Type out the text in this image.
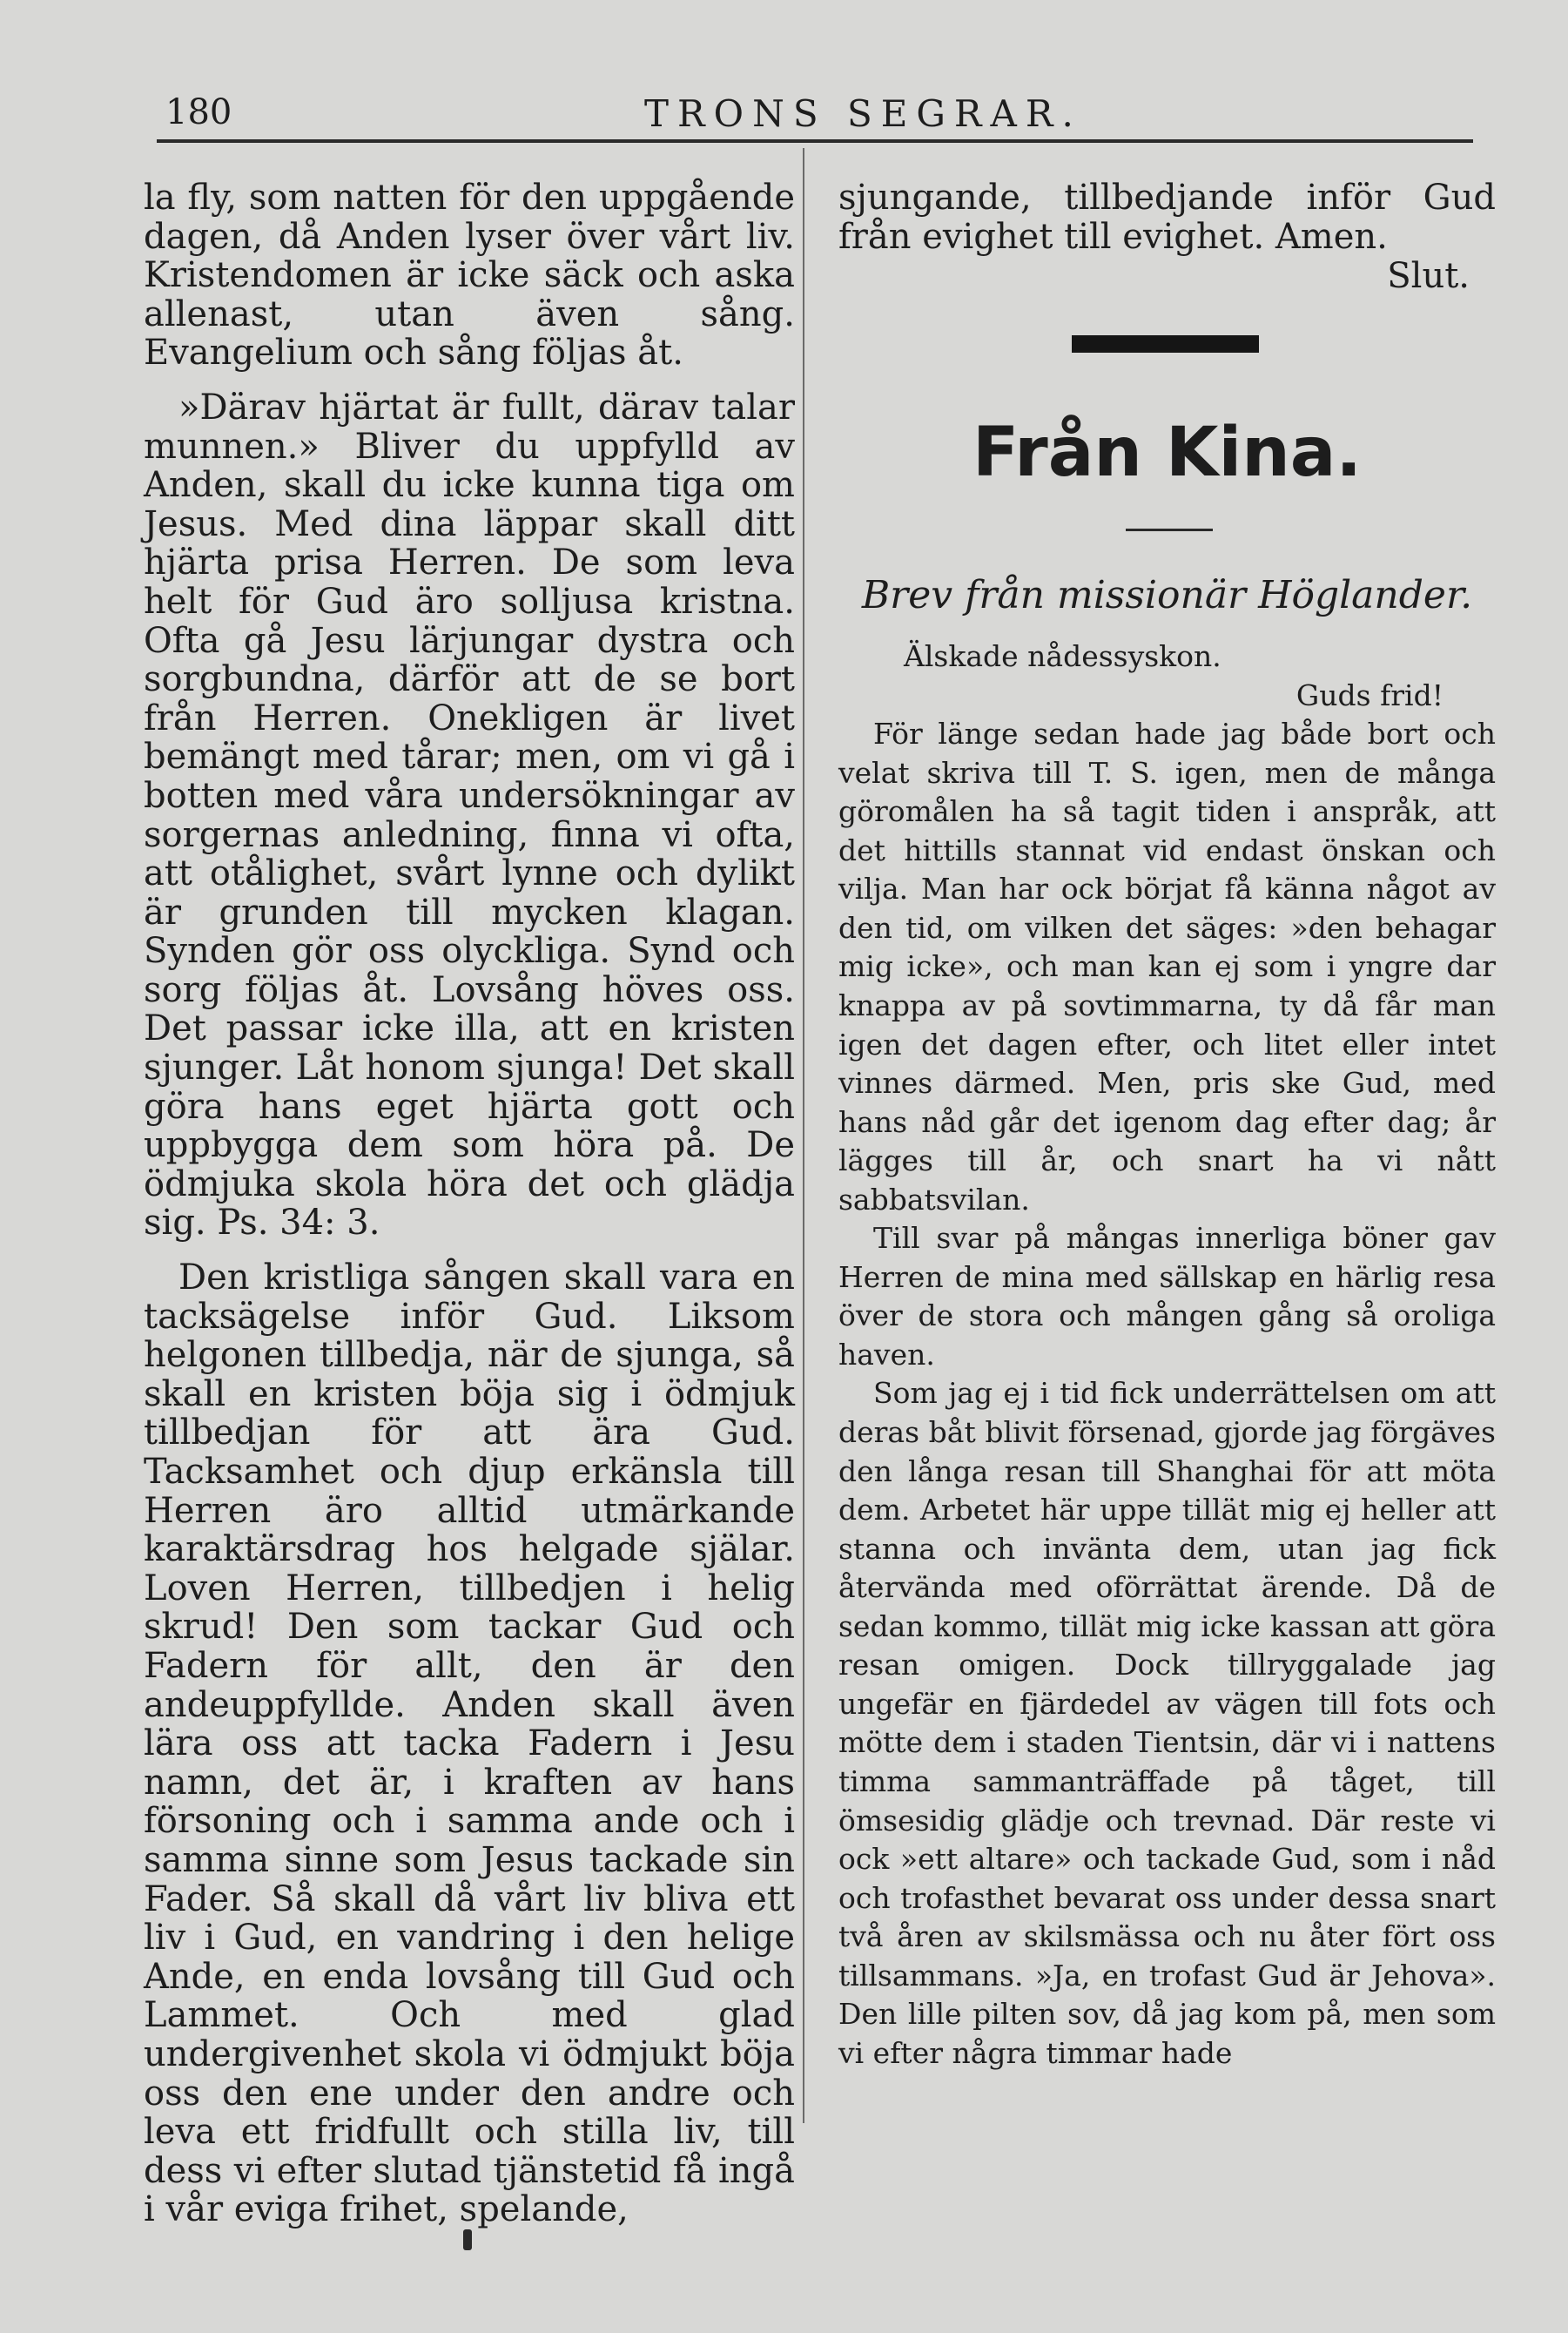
180	TRONS SEGRAR.

la fly, som natten för den uppgående dagen, då Anden lyser över vårt liv. Kristendomen är icke säck och aska allenast, utan även sång. Evangelium och sång följas åt.

»Därav hjärtat är fullt, därav talar munnen.» Bliver du uppfylld av Anden, skall du icke kunna tiga om Jesus. Med dina läppar skall ditt hjärta prisa Herren. De som leva helt för Gud äro solljusa kristna. Ofta gå Jesu lärjungar dystra och sorgbundna, därför att de se bort från Herren. Onekligen är livet bemängt med tårar; men, om vi gå i botten med våra undersökningar av sorgernas anledning, finna vi ofta, att otålighet, svårt lynne och dylikt är grunden till mycken klagan. Synden gör oss olyckliga. Synd och sorg följas åt. Lovsång höves oss. Det passar icke illa, att en kristen sjunger. Låt honom sjunga! Det skall göra hans eget hjärta gott och uppbygga dem som höra på. De ödmjuka skola höra det och glädja sig. Ps. 34: 3.

Den kristliga sången skall vara en tacksägelse inför Gud. Liksom helgonen tillbedja, när de sjunga, så skall en kristen böja sig i ödmjuk tillbedjan för att ära Gud. Tacksamhet och djup erkänsla till Herren äro alltid utmärkande karaktärsdrag hos helgade själar. Loven Herren, tillbedjen i helig skrud! Den som tackar Gud och Fadern för allt, den är den andeuppfyllde. Anden skall även lära oss att tacka Fadern i Jesu namn, det är, i kraften av hans försoning och i samma ande och i samma sinne som Jesus tackade sin Fader. Så skall då vårt liv bliva ett liv i Gud, en vandring i den helige Ande, en enda lovsång till Gud och Lammet. Och med glad undergivenhet skola vi ödmjukt böja oss den ene under den andre och leva ett fridfullt och stilla liv, till dess vi efter slutad tjänstetid få ingå i vår eviga frihet, spelande,

sjungande, tillbedjande inför Gud från evighet till evighet. Amen.

Slut.
Från Kina.
Brev från missionär Höglander.
Älskade nådessyskon.
Guds frid!

För länge sedan hade jag både bort och velat skriva till T. S. igen, men de många göromålen ha så tagit tiden i anspråk, att det hittills stannat vid endast önskan och vilja. Man har ock börjat få känna något av den tid, om vilken det säges: »den behagar mig icke», och man kan ej som i yngre dar knappa av på sovtimmarna, ty då får man igen det dagen efter, och litet eller intet vinnes därmed. Men, pris ske Gud, med hans nåd går det igenom dag efter dag; år lägges till år, och snart ha vi nått sabbatsvilan.

Till svar på mångas innerliga böner gav Herren de mina med sällskap en härlig resa över de stora och mången gång så oroliga haven.

Som jag ej i tid fick underrättelsen om att deras båt blivit försenad, gjorde jag förgäves den långa resan till Shanghai för att möta dem. Arbetet här uppe tillät mig ej heller att stanna och invänta dem, utan jag fick återvända med oförrättat ärende. Då de sedan kommo, tillät mig icke kassan att göra resan omigen. Dock tillryggalade jag ungefär en fjärdedel av vägen till fots och mötte dem i staden Tientsin, där vi i nattens timma sammanträffade på tåget, till ömsesidig glädje och trevnad. Där reste vi ock »ett altare» och tackade Gud, som i nåd och trofasthet bevarat oss under dessa snart två åren av skilsmässa och nu åter fört oss tillsammans. »Ja, en trofast Gud är Jehova». Den lille pilten sov, då jag kom på, men som vi efter några timmar hade
